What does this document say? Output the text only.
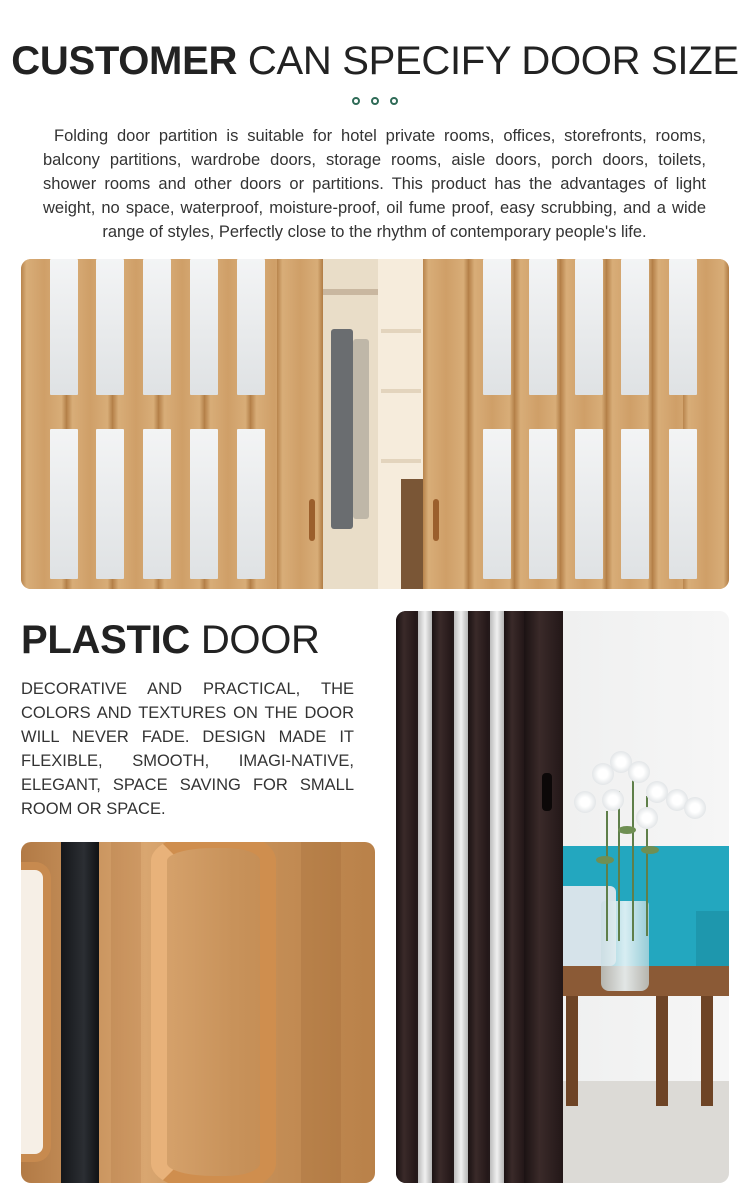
CUSTOMER CAN SPECIFY DOOR SIZE

Folding door partition is suitable for hotel private rooms, offices, storefronts, rooms, balcony partitions, wardrobe doors, storage rooms, aisle doors, porch doors, toilets, shower rooms and other doors or partitions. This product has the advantages of light weight, no space, waterproof, moisture-proof, oil fume proof, easy scrubbing, and a wide range of styles, Perfectly close to the rhythm of contemporary people's life.

PLASTIC DOOR

DECORATIVE AND PRACTICAL, THE COLORS AND TEXTURES ON THE DOOR WILL NEVER FADE. DESIGN MADE IT FLEXIBLE, SMOOTH, IMAGI-NATIVE, ELEGANT, SPACE SAVING FOR SMALL ROOM OR SPACE.
